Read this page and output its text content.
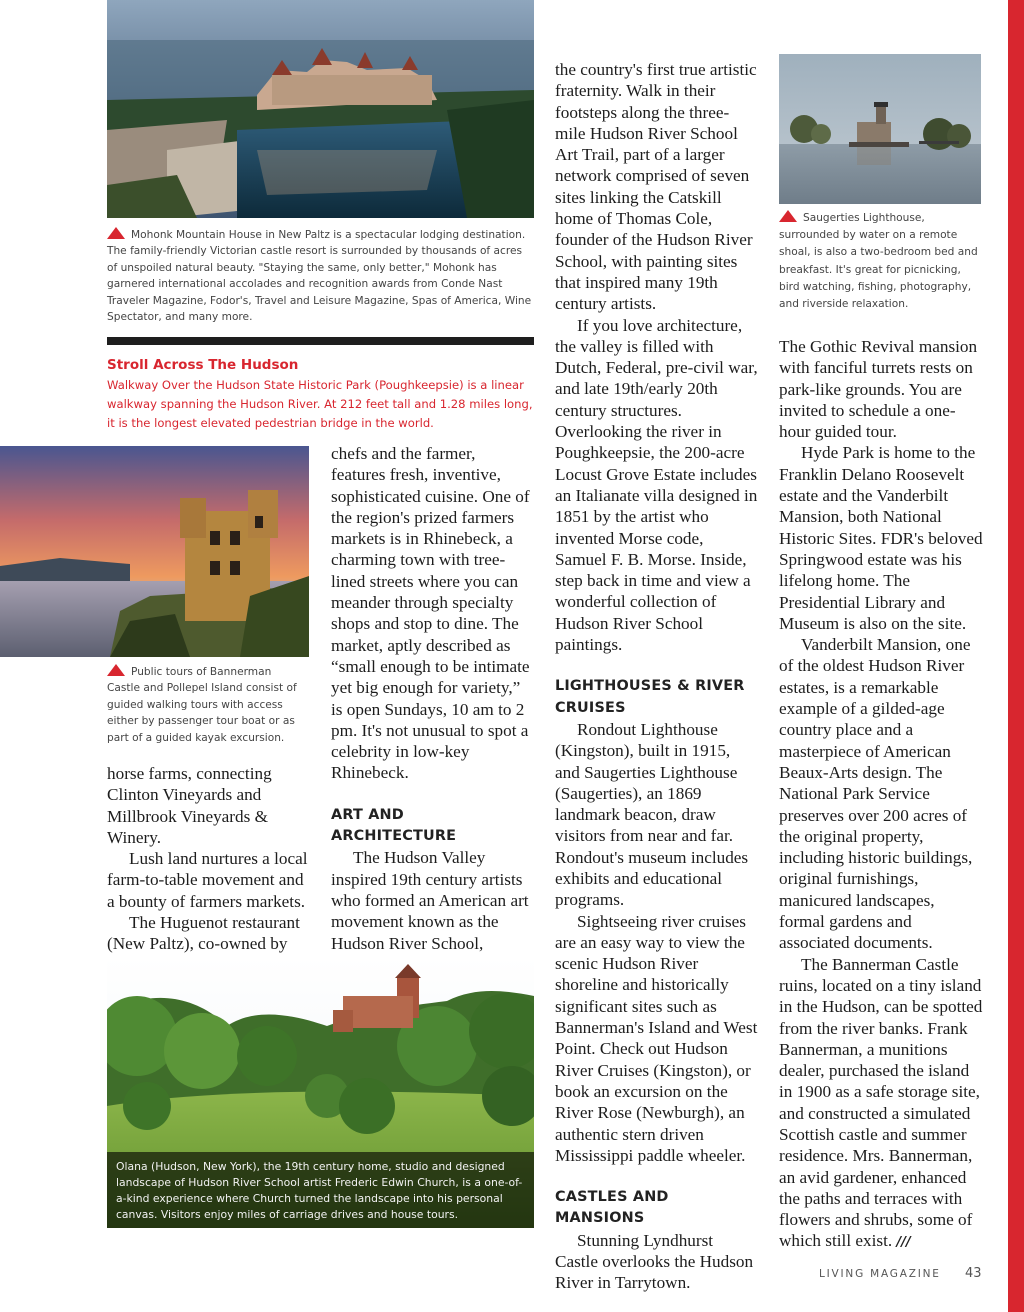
Mohonk Mountain House in New Paltz is a spectacular lodging destination. The family-friendly Victorian castle resort is surrounded by thousands of acres of unspoiled natural beauty. "Staying the same, only better," Mohonk has garnered international accolades and recognition awards from Conde Nast Traveler Magazine, Fodor's, Travel and Leisure Magazine, Spas of America, Wine Spectator, and many more.
Stroll Across The Hudson
Walkway Over the Hudson State Historic Park (Poughkeepsie) is a linear walkway spanning the Hudson River. At 212 feet tall and 1.28 miles long, it is the longest elevated pedestrian bridge in the world.
Public tours of Bannerman Castle and Pollepel Island consist of guided walking tours with access either by passenger tour boat or as part of a guided kayak excursion.

horse farms, connecting Clinton Vineyards and Millbrook Vineyards & Winery.

Lush land nurtures a local farm-to-table movement and a bounty of farmers markets.

The Huguenot restaurant (New Paltz), co-owned by

chefs and the farmer, features fresh, inventive, sophisticated cuisine. One of the region's prized farmers markets is in Rhinebeck, a charming town with tree-lined streets where you can meander through specialty shops and stop to dine. The market, aptly described as “small enough to be intimate yet big enough for variety,” is open Sundays, 10 am to 2 pm. It's not unusual to spot a celebrity in low-key Rhinebeck.

ART AND ARCHITECTURE

The Hudson Valley inspired 19th century artists who formed an American art movement known as the Hudson River School,

Olana (Hudson, New York), the 19th century home, studio and designed landscape of Hudson River School artist Frederic Edwin Church, is a one-of-a-kind experience where Church turned the landscape into his personal canvas. Visitors enjoy miles of carriage drives and house tours.

the country's first true artistic fraternity. Walk in their footsteps along the three-mile Hudson River School Art Trail, part of a larger network comprised of seven sites linking the Catskill home of Thomas Cole, founder of the Hudson River School, with painting sites that inspired many 19th century artists.

If you love architecture, the valley is filled with Dutch, Federal, pre-civil war, and late 19th/early 20th century structures. Overlooking the river in Poughkeepsie, the 200-acre Locust Grove Estate includes an Italianate villa designed in 1851 by the artist who invented Morse code, Samuel F. B. Morse. Inside, step back in time and view a wonderful collection of Hudson River School paintings.

LIGHTHOUSES & RIVER CRUISES

Rondout Lighthouse (Kingston), built in 1915, and Saugerties Lighthouse (Saugerties), an 1869 landmark beacon, draw visitors from near and far. Rondout's museum includes exhibits and educational programs.

Sightseeing river cruises are an easy way to view the scenic Hudson River shoreline and historically significant sites such as Bannerman's Island and West Point. Check out Hudson River Cruises (Kingston), or book an excursion on the River Rose (Newburgh), an authentic stern driven Mississippi paddle wheeler.

CASTLES AND MANSIONS

Stunning Lyndhurst Castle overlooks the Hudson River in Tarrytown.

Saugerties Lighthouse, surrounded by water on a remote shoal, is also a two-bedroom bed and breakfast. It's great for picnicking, bird watching, fishing, photography, and riverside relaxation.

The Gothic Revival mansion with fanciful turrets rests on park-like grounds. You are invited to schedule a one-hour guided tour.

Hyde Park is home to the Franklin Delano Roosevelt estate and the Vanderbilt Mansion, both National Historic Sites. FDR's beloved Springwood estate was his lifelong home. The Presidential Library and Museum is also on the site.

Vanderbilt Mansion, one of the oldest Hudson River estates, is a remarkable example of a gilded-age country place and a masterpiece of American Beaux-Arts design. The National Park Service preserves over 200 acres of the original property, including historic buildings, original furnishings, manicured landscapes, formal gardens and associated documents.

The Bannerman Castle ruins, located on a tiny island in the Hudson, can be spotted from the river banks. Frank Bannerman, a munitions dealer, purchased the island in 1900 as a safe storage site, and constructed a simulated Scottish castle and summer residence. Mrs. Bannerman, an avid gardener, enhanced the paths and terraces with flowers and shrubs, some of which still exist. ///

LIVING MAGAZINE 43
